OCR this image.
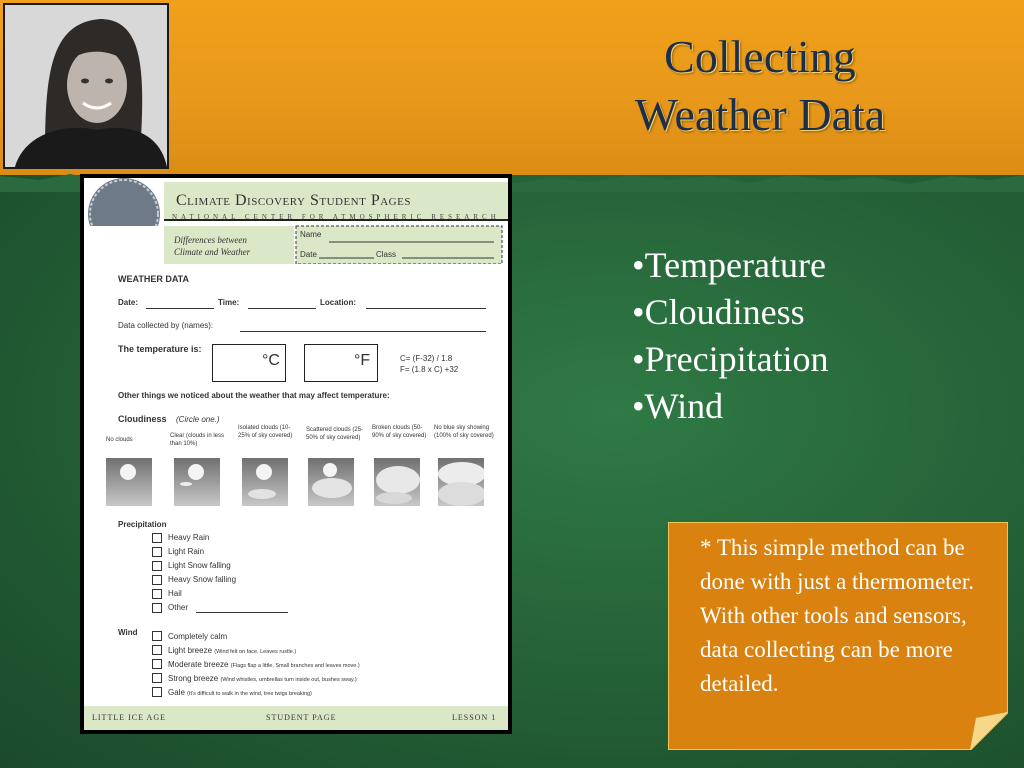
Collecting
Weather Data
•Temperature
•Cloudiness
•Precipitation
•Wind
* This simple method can be done with just a thermometer. With other tools and sensors, data collecting can be more detailed.
Climate Discovery Student Pages
NATIONAL CENTER FOR ATMOSPHERIC RESEARCH
Differences between Climate and Weather
Name
Date	Class
WEATHER DATA
Date:	Time:	Location:
Data collected by (names):
The temperature is:
°C	°F	C= (F-32) / 1.8
F= (1.8 x C) +32
Other things we noticed about the weather that may affect temperature:
Cloudiness (Circle one.)
No clouds
Clear (clouds in less than 10%)
Isolated clouds (10-25% of sky covered)
Scattered clouds (25-50% of sky covered)
Broken clouds (50-90% of sky covered)
No blue sky showing (100% of sky covered)
Precipitation
Heavy Rain
Light Rain
Light Snow falling
Heavy Snow falling
Hail
Other
Wind	Completely calm
Light breeze (Wind felt on face, Leaves rustle.)
Moderate breeze (Flags flap a little, Small branches and leaves move.)
Strong breeze (Wind whistles, umbrellas turn inside out, bushes sway.)
Gale (It's difficult to walk in the wind, tree twigs breaking)
LITTLE ICE AGE	STUDENT PAGE	LESSON 1
